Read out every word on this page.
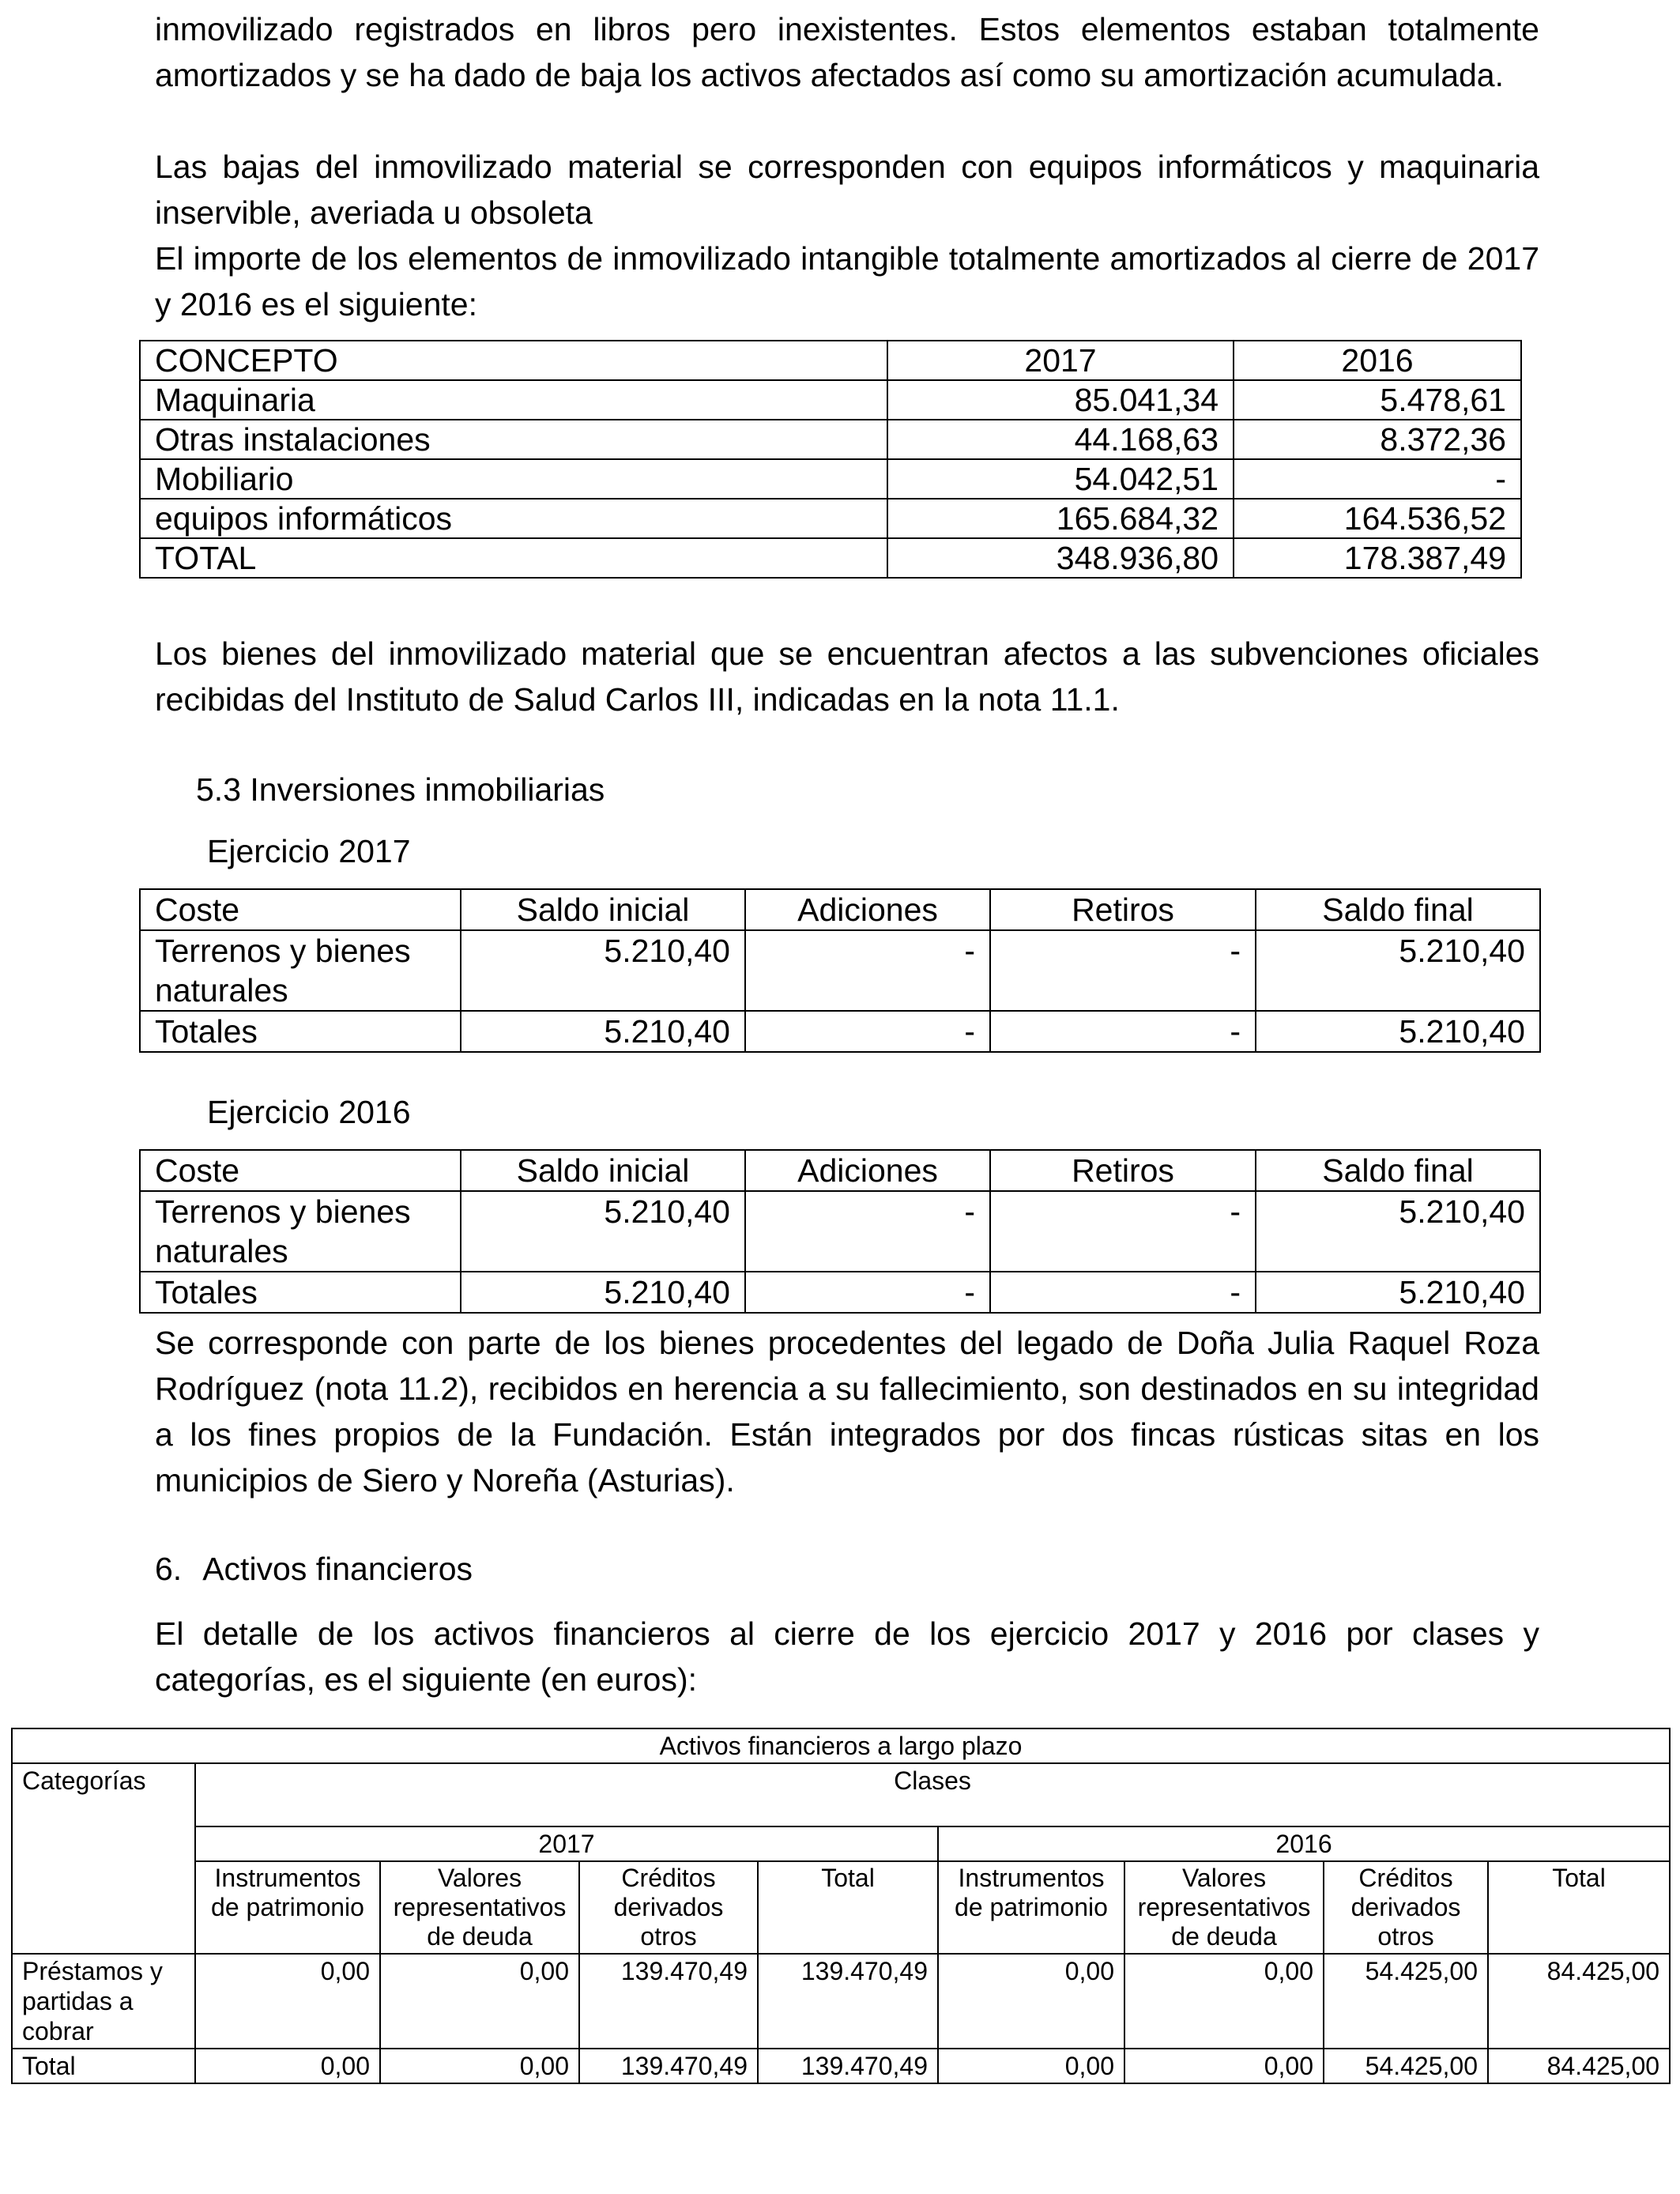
inmovilizado registrados en libros pero inexistentes. Estos elementos estaban totalmente amortizados y se ha dado de baja los activos afectados así como su amortización acumulada.

Las bajas del inmovilizado material se corresponden con equipos informáticos y maquinaria inservible, averiada u obsoleta

El importe de los elementos de inmovilizado intangible totalmente amortizados al cierre de 2017 y 2016 es el siguiente:

CONCEPTO	2017	2016
Maquinaria	85.041,34	5.478,61
Otras instalaciones	44.168,63	8.372,36
Mobiliario	54.042,51	-
equipos informáticos	165.684,32	164.536,52
TOTAL	348.936,80	178.387,49

Los bienes del inmovilizado material que se encuentran afectos a las subvenciones oficiales recibidas del Instituto de Salud Carlos III, indicadas en la nota 11.1.

5.3 Inversiones inmobiliarias
Ejercicio 2017
Coste	Saldo inicial	Adiciones	Retiros	Saldo final
Terrenos y bienes naturales	5.210,40	-	-	5.210,40
Totales	5.210,40	-	-	5.210,40
Ejercicio 2016
Coste	Saldo inicial	Adiciones	Retiros	Saldo final
Terrenos y bienes naturales	5.210,40	-	-	5.210,40
Totales	5.210,40	-	-	5.210,40

Se corresponde con parte de los bienes procedentes del legado de Doña Julia Raquel Roza Rodríguez (nota 11.2), recibidos en herencia a su fallecimiento, son destinados en su integridad a los fines propios de la Fundación. Están integrados por dos fincas rústicas sitas en los municipios de Siero y Noreña (Asturias).

6. Activos financieros

El detalle de los activos financieros al cierre de los ejercicio 2017 y 2016 por clases y categorías, es el siguiente (en euros):

Activos financieros a largo plazo								
Categorías	Clases							
	2017				2016			
	Instrumentos de patrimonio	Valores representativos de deuda	Créditos derivados otros	Total	Instrumentos de patrimonio	Valores representativos de deuda	Créditos derivados otros	Total
Préstamos y partidas a cobrar	0,00	0,00	139.470,49	139.470,49	0,00	0,00	54.425,00	84.425,00
Total	0,00	0,00	139.470,49	139.470,49	0,00	0,00	54.425,00	84.425,00
